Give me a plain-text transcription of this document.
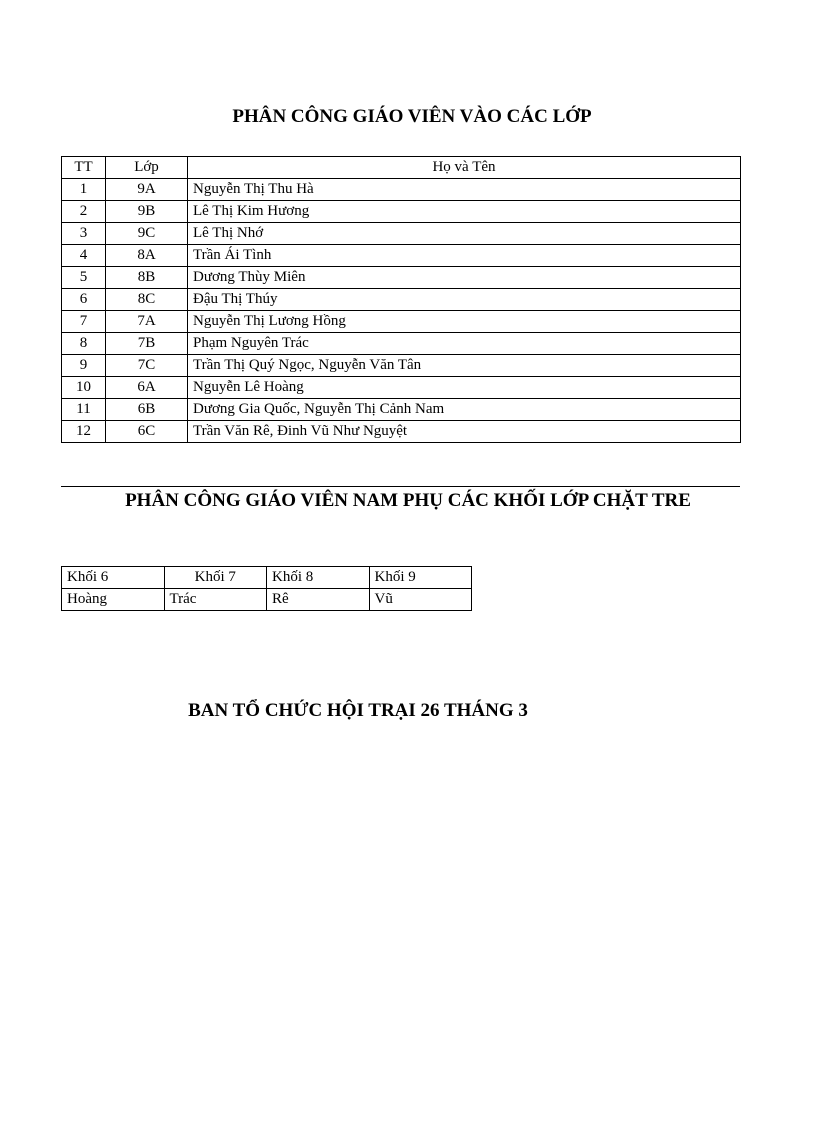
PHÂN CÔNG GIÁO VIÊN VÀO CÁC LỚP
TT	Lớp	Họ và Tên
1	9A	Nguyễn Thị Thu Hà
2	9B	Lê Thị Kim Hương
3	9C	Lê Thị Nhớ
4	8A	Trần Ái Tình
5	8B	Dương Thùy Miên
6	8C	Đậu Thị Thúy
7	7A	Nguyễn Thị Lương Hồng
8	7B	Phạm Nguyên Trác
9	7C	Trần Thị Quý Ngọc, Nguyễn Văn Tân
10	6A	Nguyễn Lê Hoàng
11	6B	Dương Gia Quốc, Nguyễn Thị Cảnh Nam
12	6C	Trần Văn Rê, Đinh Vũ Như Nguyệt
PHÂN CÔNG GIÁO VIÊN NAM PHỤ CÁC KHỐI LỚP CHẶT TRE
Khối 6	Khối 7	Khối 8	Khối 9
Hoàng	Trác	Rê	Vũ
BAN TỔ CHỨC HỘI TRẠI 26 THÁNG 3
